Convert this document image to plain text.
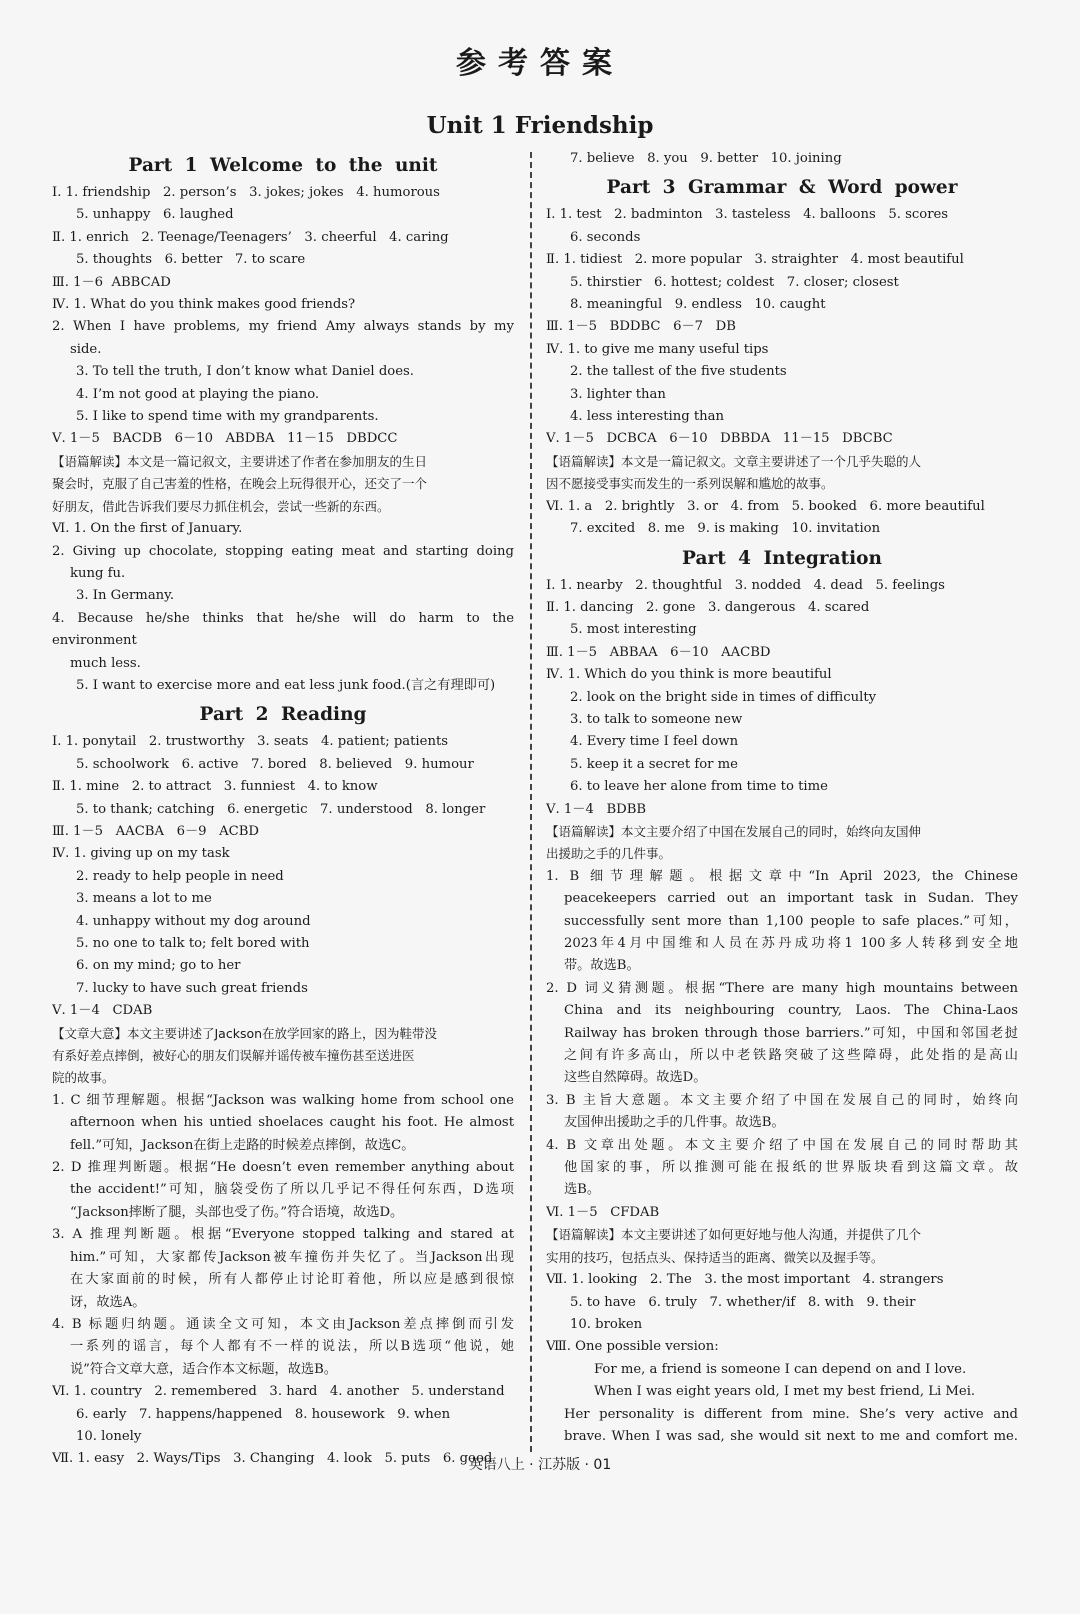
参考答案
Unit 1 Friendship
Part 1 Welcome to the unit
Ⅰ. 1. friendship   2. person’s   3. jokes; jokes   4. humorous
5. unhappy   6. laughed
Ⅱ. 1. enrich   2. Teenage/Teenagers’   3. cheerful   4. caring
5. thoughts   6. better   7. to scare
Ⅲ. 1－6  ABBCAD
Ⅳ. 1. What do you think makes good friends?
2. When I have problems, my friend Amy always stands by my
side.
3. To tell the truth, I don’t know what Daniel does.
4. I’m not good at playing the piano.
5. I like to spend time with my grandparents.
Ⅴ. 1－5   BACDB   6－10   ABDBA   11－15   DBDCC
【语篇解读】本文是一篇记叙文，主要讲述了作者在参加朋友的生日
聚会时，克服了自己害羞的性格，在晚会上玩得很开心，还交了一个
好朋友，借此告诉我们要尽力抓住机会，尝试一些新的东西。
Ⅵ. 1. On the first of January.
2. Giving up chocolate, stopping eating meat and starting doing
kung fu.
3. In Germany.
4. Because he/she thinks that he/she will do harm to the environment
much less.
5. I want to exercise more and eat less junk food.(言之有理即可)
Part 2 Reading
Ⅰ. 1. ponytail   2. trustworthy   3. seats   4. patient; patients
5. schoolwork   6. active   7. bored   8. believed   9. humour
Ⅱ. 1. mine   2. to attract   3. funniest   4. to know
5. to thank; catching   6. energetic   7. understood   8. longer
Ⅲ. 1－5   AACBA   6－9   ACBD
Ⅳ. 1. giving up on my task
2. ready to help people in need
3. means a lot to me
4. unhappy without my dog around
5. no one to talk to; felt bored with
6. on my mind; go to her
7. lucky to have such great friends
Ⅴ. 1－4   CDAB
【文章大意】本文主要讲述了Jackson在放学回家的路上，因为鞋带没
有系好差点摔倒，被好心的朋友们误解并谣传被车撞伤甚至送进医
院的故事。
1. C 细节理解题。根据“Jackson was walking home from school one
afternoon when his untied shoelaces caught his foot. He almost
fell.”可知，Jackson在街上走路的时候差点摔倒，故选C。
2. D 推理判断题。根据“He doesn’t even remember anything about
the accident!”可知，脑袋受伤了所以几乎记不得任何东西，D选项
“Jackson摔断了腿，头部也受了伤。”符合语境，故选D。
3. A 推理判断题。根据“Everyone stopped talking and stared at
him.”可知，大家都传Jackson被车撞伤并失忆了。当Jackson出现
在大家面前的时候，所有人都停止讨论盯着他，所以应是感到很惊
讶，故选A。
4. B 标题归纳题。通读全文可知，本文由Jackson差点摔倒而引发
一系列的谣言，每个人都有不一样的说法，所以B选项“他说，她
说”符合文章大意，适合作本文标题，故选B。
Ⅵ. 1. country   2. remembered   3. hard   4. another   5. understand
6. early   7. happens/happened   8. housework   9. when
10. lonely
Ⅶ. 1. easy   2. Ways/Tips   3. Changing   4. look   5. puts   6. good
7. believe   8. you   9. better   10. joining
Part 3 Grammar & Word power
Ⅰ. 1. test   2. badminton   3. tasteless   4. balloons   5. scores
6. seconds
Ⅱ. 1. tidiest   2. more popular   3. straighter   4. most beautiful
5. thirstier   6. hottest; coldest   7. closer; closest
8. meaningful   9. endless   10. caught
Ⅲ. 1－5   BDDBC   6－7   DB
Ⅳ. 1. to give me many useful tips
2. the tallest of the five students
3. lighter than
4. less interesting than
Ⅴ. 1－5   DCBCA   6－10   DBBDA   11－15   DBCBC
【语篇解读】本文是一篇记叙文。文章主要讲述了一个几乎失聪的人
因不愿接受事实而发生的一系列误解和尴尬的故事。
Ⅵ. 1. a   2. brightly   3. or   4. from   5. booked   6. more beautiful
7. excited   8. me   9. is making   10. invitation
Part 4 Integration
Ⅰ. 1. nearby   2. thoughtful   3. nodded   4. dead   5. feelings
Ⅱ. 1. dancing   2. gone   3. dangerous   4. scared
5. most interesting
Ⅲ. 1－5   ABBAA   6－10   AACBD
Ⅳ. 1. Which do you think is more beautiful
2. look on the bright side in times of difficulty
3. to talk to someone new
4. Every time I feel down
5. keep it a secret for me
6. to leave her alone from time to time
Ⅴ. 1－4   BDBB
【语篇解读】本文主要介绍了中国在发展自己的同时，始终向友国伸
出援助之手的几件事。
1. B 细节理解题。根据文章中“In April 2023, the Chinese
peacekeepers carried out an important task in Sudan. They
successfully sent more than 1,100 people to safe places.”可知，
2023年4月中国维和人员在苏丹成功将1 100多人转移到安全地
带。故选B。
2. D 词义猜测题。根据“There are many high mountains between
China and its neighbouring country, Laos. The China-Laos
Railway has broken through those barriers.”可知，中国和邻国老挝
之间有许多高山，所以中老铁路突破了这些障碍，此处指的是高山
这些自然障碍。故选D。
3. B 主旨大意题。本文主要介绍了中国在发展自己的同时，始终向
友国伸出援助之手的几件事。故选B。
4. B 文章出处题。本文主要介绍了中国在发展自己的同时帮助其
他国家的事，所以推测可能在报纸的世界版块看到这篇文章。故
选B。
Ⅵ. 1－5   CFDAB
【语篇解读】本文主要讲述了如何更好地与他人沟通，并提供了几个
实用的技巧，包括点头、保持适当的距离、微笑以及握手等。
Ⅶ. 1. looking   2. The   3. the most important   4. strangers
5. to have   6. truly   7. whether/if   8. with   9. their
10. broken
Ⅷ. One possible version:
For me, a friend is someone I can depend on and I love.
When I was eight years old, I met my best friend, Li Mei.
Her personality is different from mine. She’s very active and
brave. When I was sad, she would sit next to me and comfort me.
英语八上 · 江苏版 · 01
